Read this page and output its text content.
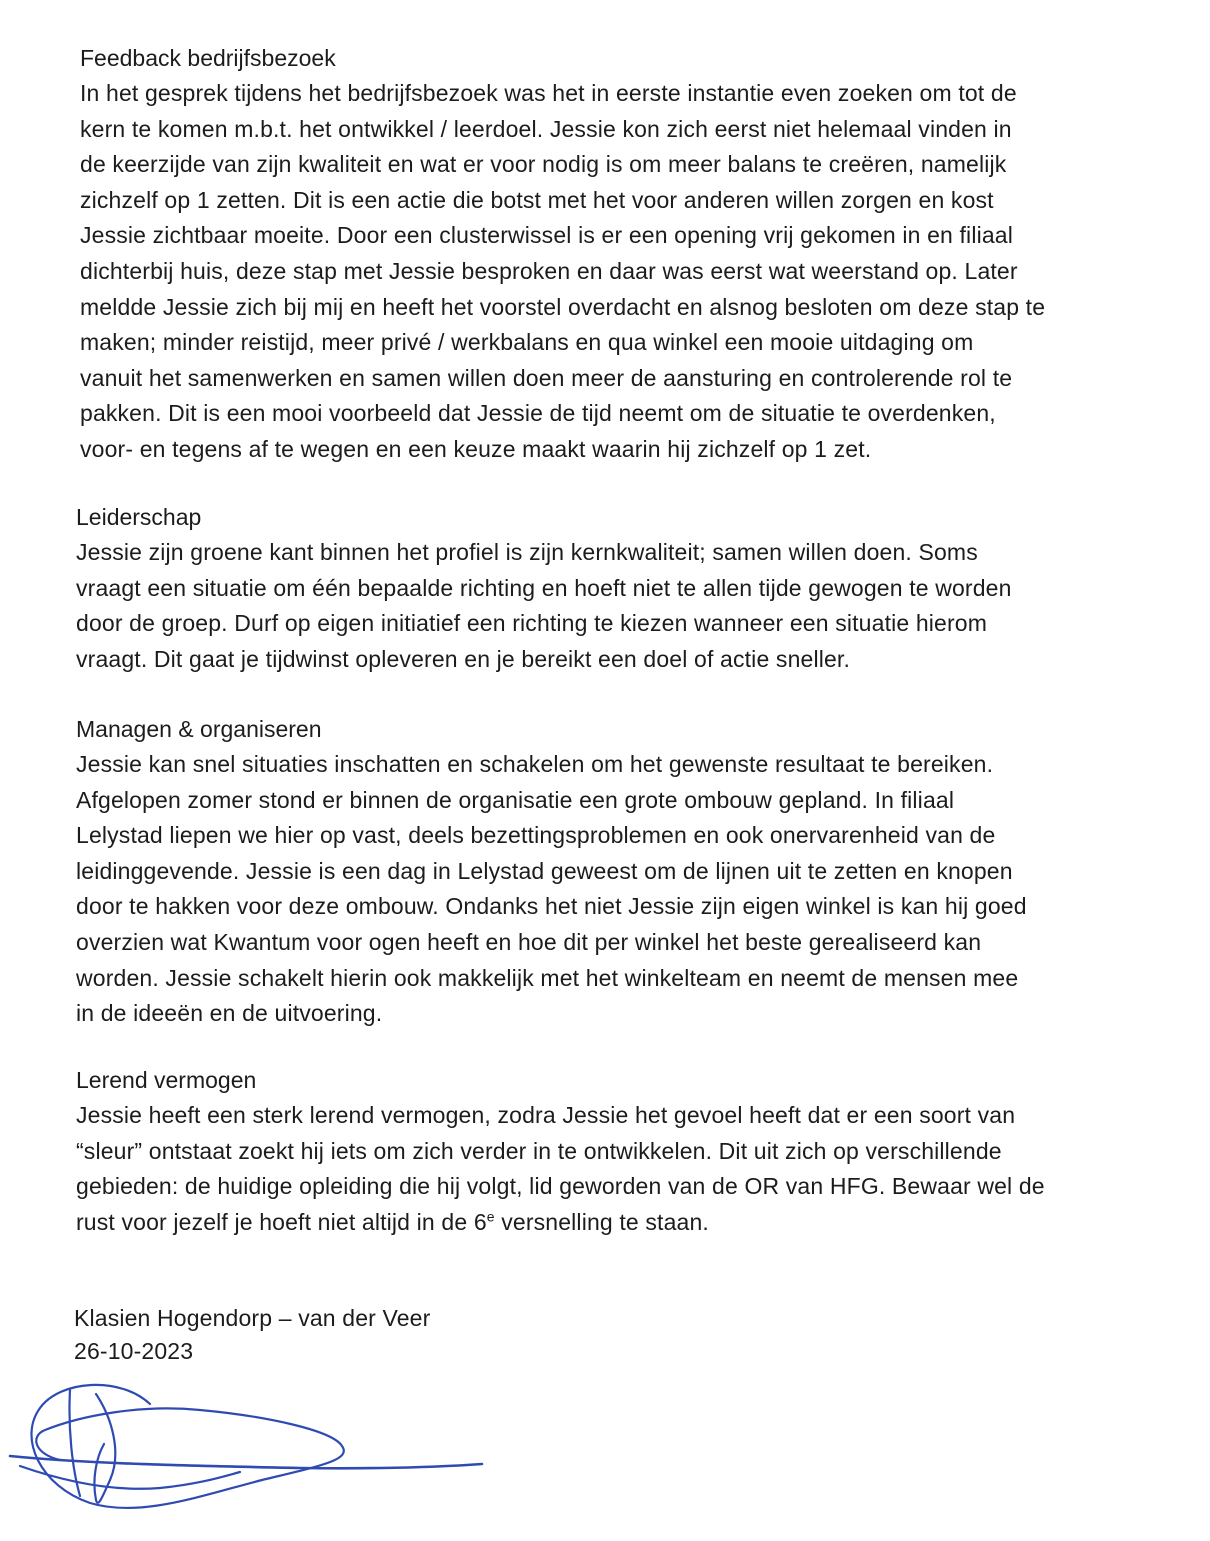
Feedback bedrijfsbezoek

In het gesprek tijdens het bedrijfsbezoek was het in eerste instantie even zoeken om tot de

kern te komen m.b.t. het ontwikkel / leerdoel. Jessie kon zich eerst niet helemaal vinden in

de keerzijde van zijn kwaliteit en wat er voor nodig is om meer balans te creëren, namelijk

zichzelf op 1 zetten. Dit is een actie die botst met het voor anderen willen zorgen en kost

Jessie zichtbaar moeite. Door een clusterwissel is er een opening vrij gekomen in en filiaal

dichterbij huis, deze stap met Jessie besproken en daar was eerst wat weerstand op. Later

meldde Jessie zich bij mij en heeft het voorstel overdacht en alsnog besloten om deze stap te

maken; minder reistijd, meer privé / werkbalans en qua winkel een mooie uitdaging om

vanuit het samenwerken en samen willen doen meer de aansturing en controlerende rol te

pakken. Dit is een mooi voorbeeld dat Jessie de tijd neemt om de situatie te overdenken,

voor- en tegens af te wegen en een keuze maakt waarin hij zichzelf op 1 zet.

Leiderschap

Jessie zijn groene kant binnen het profiel is zijn kernkwaliteit; samen willen doen. Soms

vraagt een situatie om één bepaalde richting en hoeft niet te allen tijde gewogen te worden

door de groep. Durf op eigen initiatief een richting te kiezen wanneer een situatie hierom

vraagt. Dit gaat je tijdwinst opleveren en je bereikt een doel of actie sneller.

Managen & organiseren

Jessie kan snel situaties inschatten en schakelen om het gewenste resultaat te bereiken.

Afgelopen zomer stond er binnen de organisatie een grote ombouw gepland. In filiaal

Lelystad liepen we hier op vast, deels bezettingsproblemen en ook onervarenheid van de

leidinggevende. Jessie is een dag in Lelystad geweest om de lijnen uit te zetten en knopen

door te hakken voor deze ombouw. Ondanks het niet Jessie zijn eigen winkel is kan hij goed

overzien wat Kwantum voor ogen heeft en hoe dit per winkel het beste gerealiseerd kan

worden. Jessie schakelt hierin ook makkelijk met het winkelteam en neemt de mensen mee

in de ideeën en de uitvoering.

Lerend vermogen

Jessie heeft een sterk lerend vermogen, zodra Jessie het gevoel heeft dat er een soort van

“sleur” ontstaat zoekt hij iets om zich verder in te ontwikkelen. Dit uit zich op verschillende

gebieden: de huidige opleiding die hij volgt, lid geworden van de OR van HFG. Bewaar wel de

rust voor jezelf je hoeft niet altijd in de 6e versnelling te staan.

Klasien Hogendorp – van der Veer

26-10-2023
